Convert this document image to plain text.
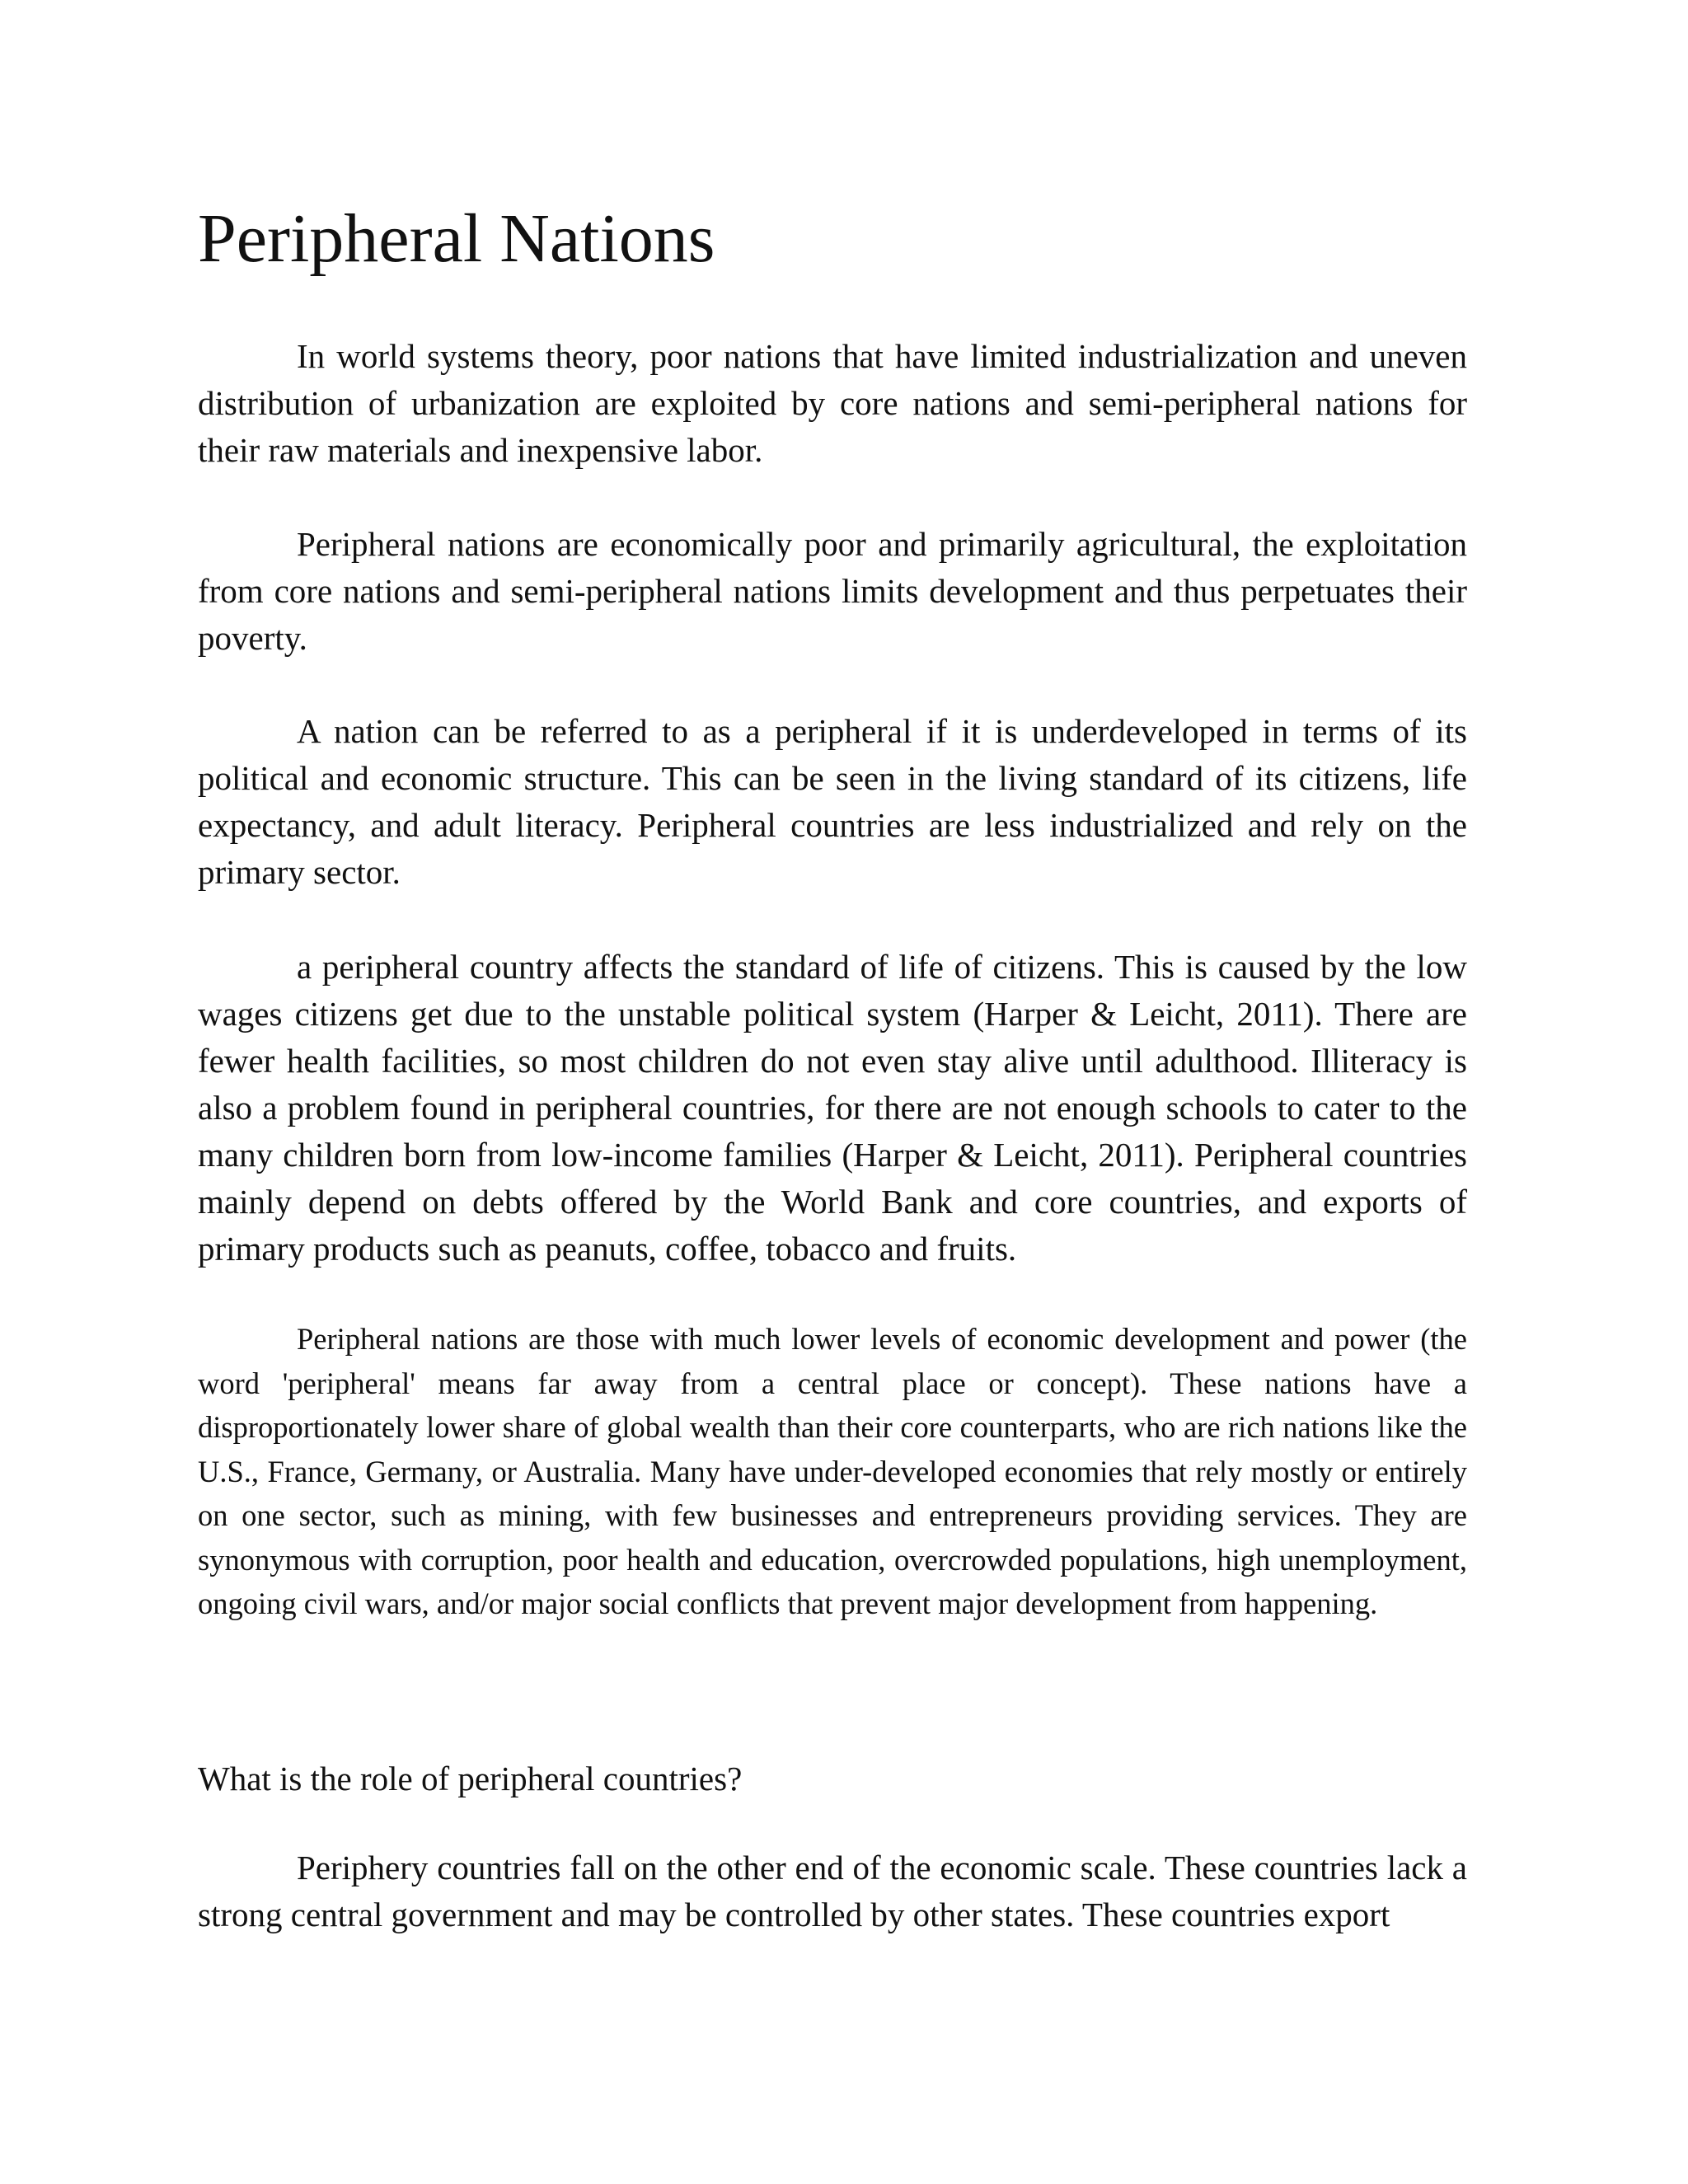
Peripheral Nations

In world systems theory, poor nations that have limited industrialization and uneven distribution of urbanization are exploited by core nations and semi-peripheral nations for their raw materials and inexpensive labor.

Peripheral nations are economically poor and primarily agricultural, the exploitation from core nations and semi-peripheral nations limits development and thus perpetuates their poverty.

A nation can be referred to as a peripheral if it is underdeveloped in terms of its political and economic structure. This can be seen in the living standard of its citizens, life expectancy, and adult literacy. Peripheral countries are less industrialized and rely on the primary sector.

a peripheral country affects the standard of life of citizens. This is caused by the low wages citizens get due to the unstable political system (Harper & Leicht, 2011). There are fewer health facilities, so most children do not even stay alive until adulthood. Illiteracy is also a problem found in peripheral countries, for there are not enough schools to cater to the many children born from low-income families (Harper & Leicht, 2011). Peripheral countries mainly depend on debts offered by the World Bank and core countries, and exports of primary products such as peanuts, coffee, tobacco and fruits.

Peripheral nations are those with much lower levels of economic development and power (the word 'peripheral' means far away from a central place or concept). These nations have a disproportionately lower share of global wealth than their core counterparts, who are rich nations like the U.S., France, Germany, or Australia. Many have under-developed economies that rely mostly or entirely on one sector, such as mining, with few businesses and entrepreneurs providing services. They are synonymous with corruption, poor health and education, overcrowded populations, high unemployment, ongoing civil wars, and/or major social conflicts that prevent major development from happening.

What is the role of peripheral countries?

Periphery countries fall on the other end of the economic scale. These countries lack a strong central government and may be controlled by other states. These countries export
